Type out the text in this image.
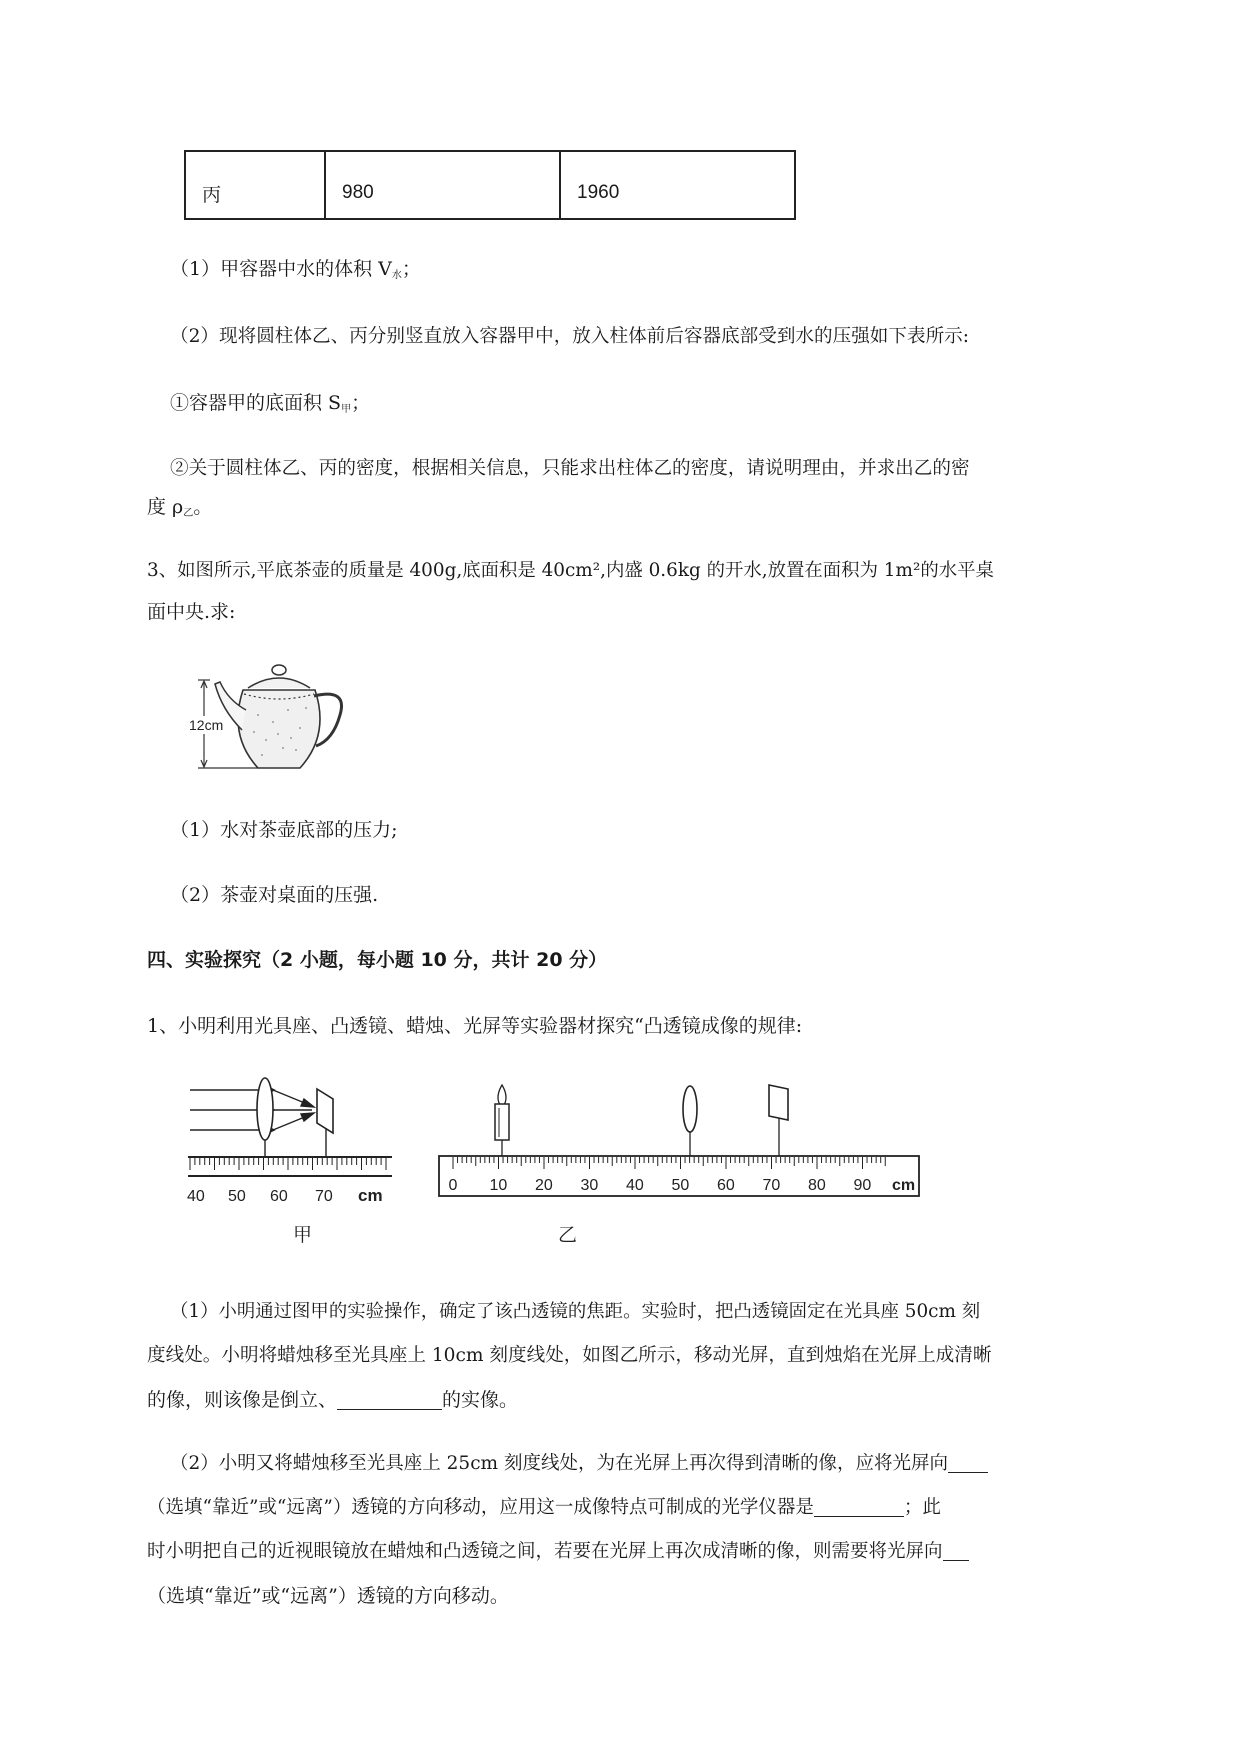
丙	980	1960
（1）甲容器中水的体积 $V_水$；
（2）现将圆柱体乙、丙分别竖直放入容器甲中，放入柱体前后容器底部受到水的压强如下表所示:
①容器甲的底面积 $S_甲$；
②关于圆柱体乙、丙的密度，根据相关信息，只能求出柱体乙的密度，请说明理由，并求出乙的密
度 $\rho_乙$。
3、如图所示,平底茶壶的质量是 400g,底面积是 40cm²,内盛 0.6kg 的开水,放置在面积为 1m²的水平桌
面中央.求:
12cm
（1）水对茶壶底部的压力;
（2）茶壶对桌面的压强.
四、实验探究（2 小题，每小题 10 分，共计 20 分）
1、小明利用光具座、凸透镜、蜡烛、光屏等实验器材探究“凸透镜成像的规律:
40 50 60 70 cm
甲
0 10 20 30 40 50 60 70 80 90 cm
乙
（1）小明通过图甲的实验操作，确定了该凸透镜的焦距。实验时，把凸透镜固定在光具座 50cm 刻
度线处。小明将蜡烛移至光具座上 10cm 刻度线处，如图乙所示，移动光屏，直到烛焰在光屏上成清晰
的像，则该像是倒立、	的实像。
（2）小明又将蜡烛移至光具座上 25cm 刻度线处，为在光屏上再次得到清晰的像，应将光屏向
（选填“靠近”或“远离”）透镜的方向移动，应用这一成像特点可制成的光学仪器是	；此
时小明把自己的近视眼镜放在蜡烛和凸透镜之间，若要在光屏上再次成清晰的像，则需要将光屏向
（选填“靠近”或“远离”）透镜的方向移动。
